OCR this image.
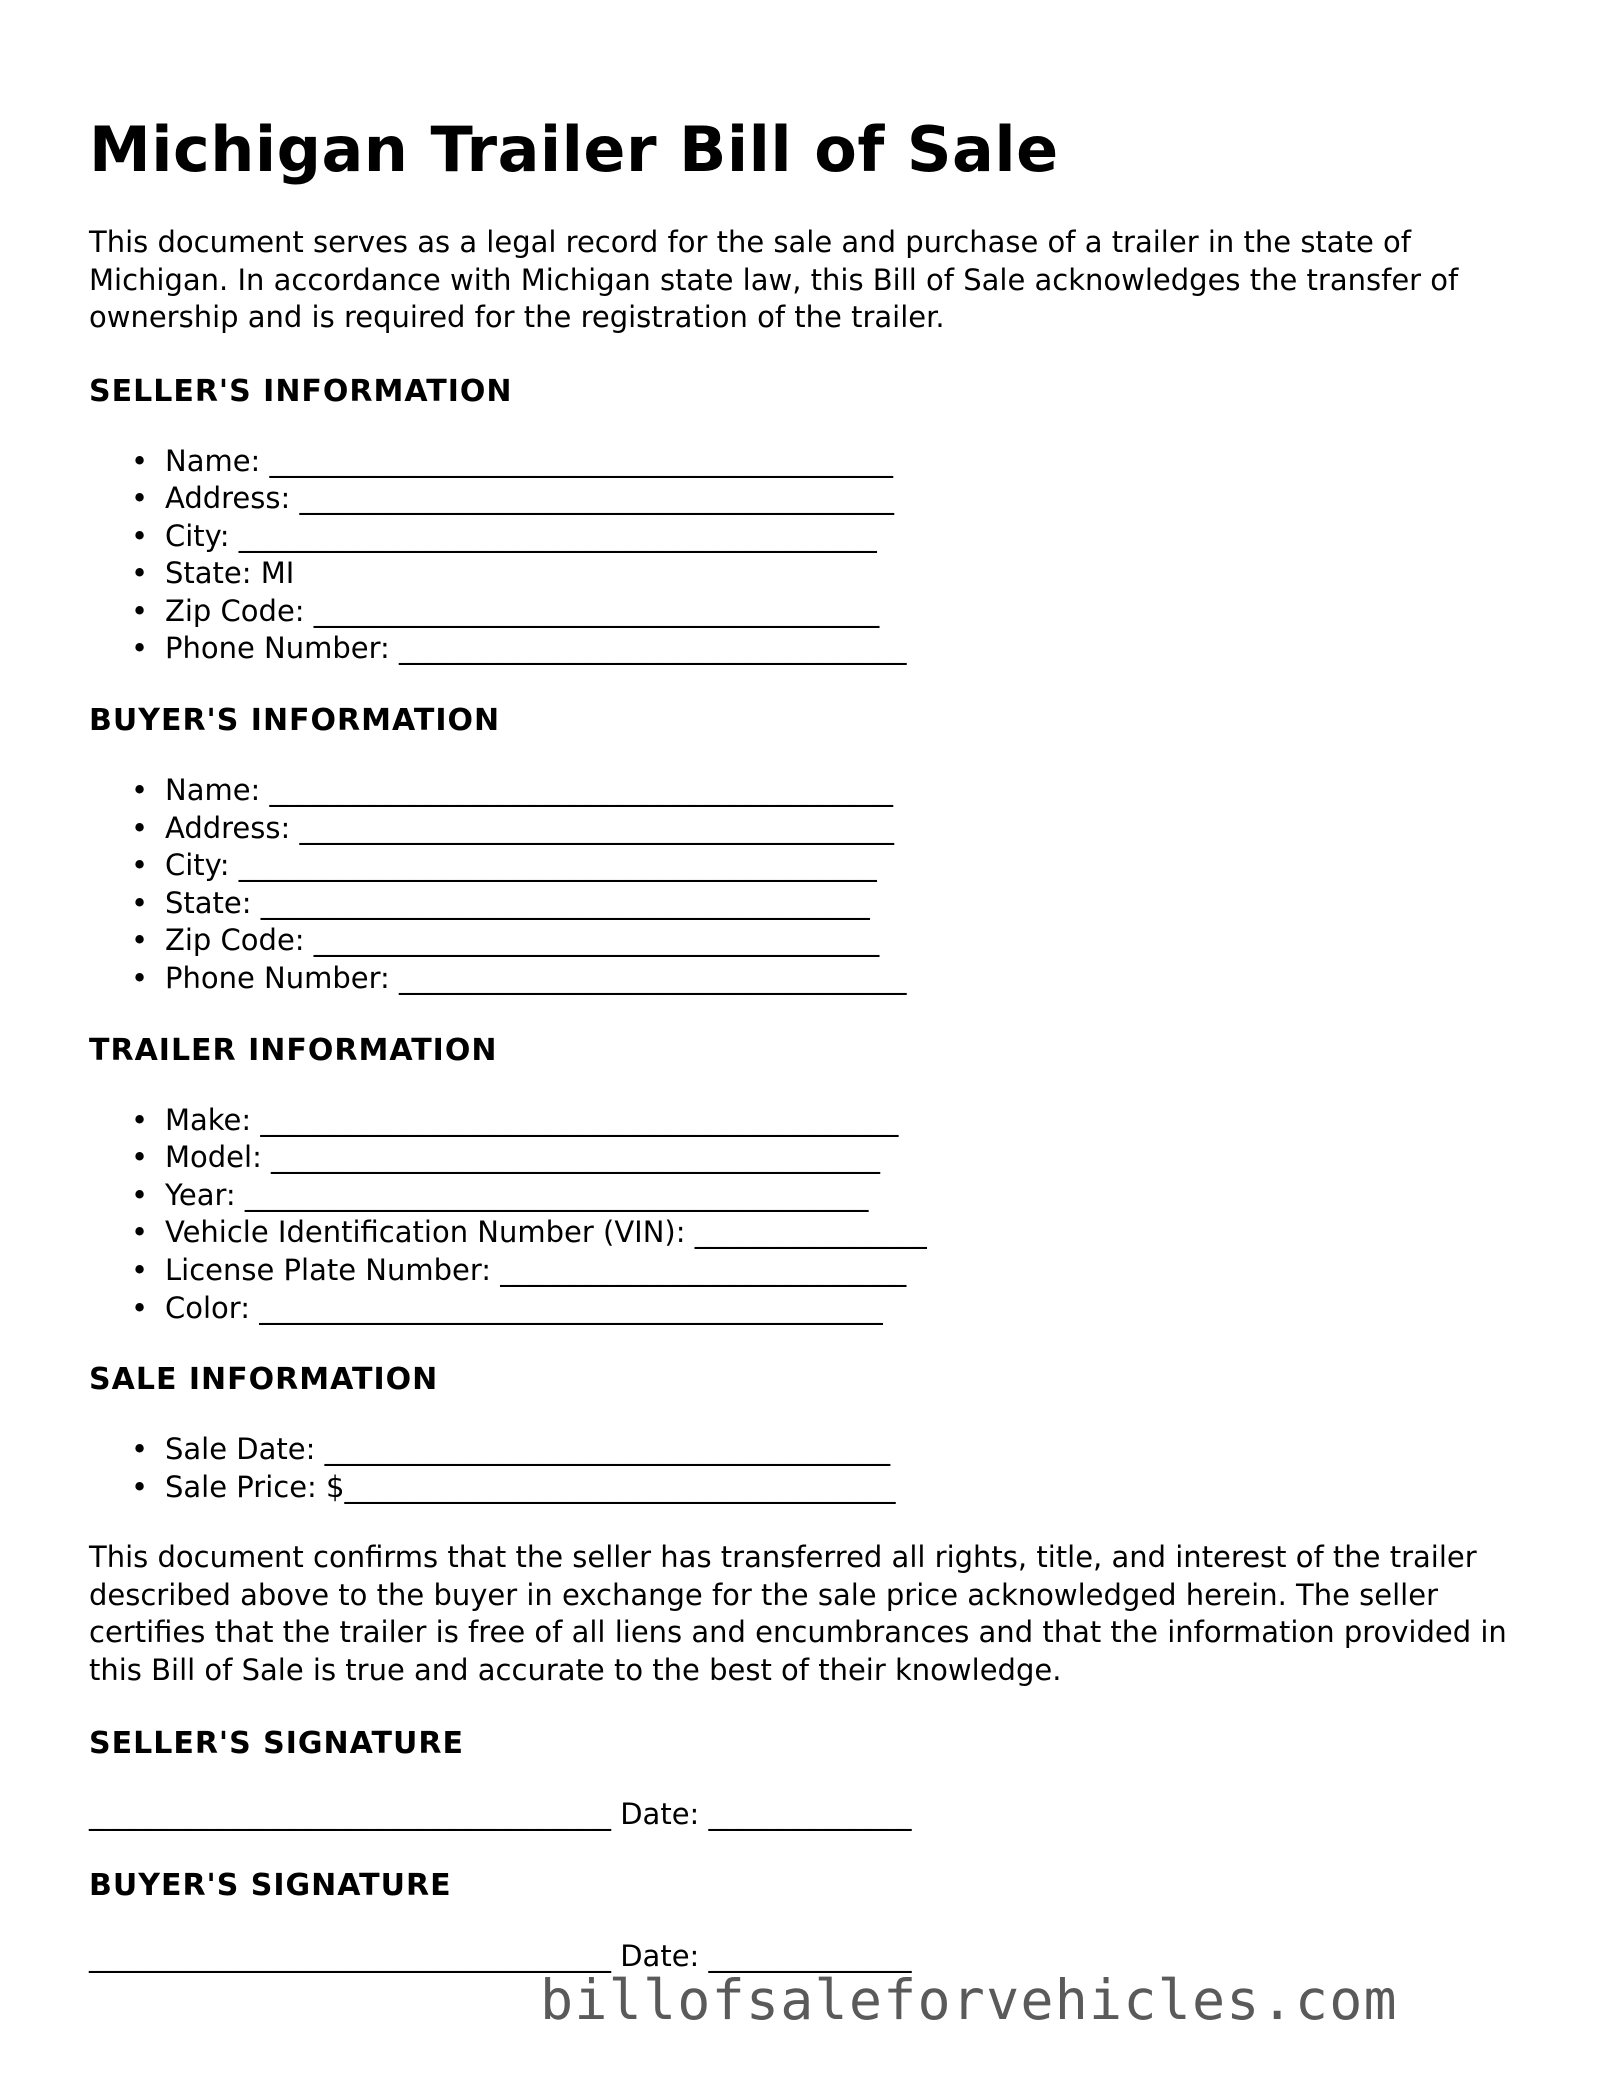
Michigan Trailer Bill of Sale

This document serves as a legal record for the sale and purchase of a trailer in the state of Michigan. In accordance with Michigan state law, this Bill of Sale acknowledges the transfer of ownership and is required for the registration of the trailer.

SELLER'S INFORMATION
• Name: ___________________________________________
• Address: _________________________________________
• City: ____________________________________________
• State: MI
• Zip Code: _______________________________________
• Phone Number: ___________________________________
BUYER'S INFORMATION
• Name: ___________________________________________
• Address: _________________________________________
• City: ____________________________________________
• State: __________________________________________
• Zip Code: _______________________________________
• Phone Number: ___________________________________
TRAILER INFORMATION
• Make: ____________________________________________
• Model: __________________________________________
• Year: ___________________________________________
• Vehicle Identification Number (VIN): ________________
• License Plate Number: ____________________________
• Color: ___________________________________________
SALE INFORMATION
• Sale Date: _______________________________________
• Sale Price: $______________________________________

This document confirms that the seller has transferred all rights, title, and interest of the trailer described above to the buyer in exchange for the sale price acknowledged herein. The seller certifies that the trailer is free of all liens and encumbrances and that the information provided in this Bill of Sale is true and accurate to the best of their knowledge.

SELLER'S SIGNATURE
____________________________________ Date: ______________
BUYER'S SIGNATURE
____________________________________ Date: ______________
billofsaleforvehicles.com
